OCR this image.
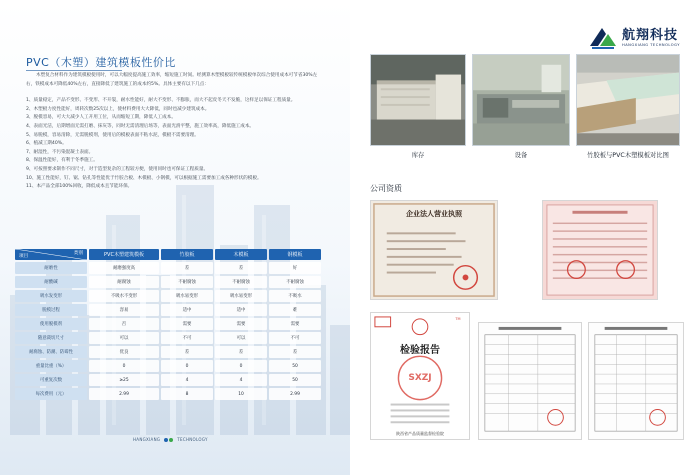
PVC（木塑）建筑模板性价比

木塑复合材料作为建筑模板使用时，可以大幅度提高施工效率，缩短施工时间。经测算木塑模板较传统模板单次综合使用成本可节省30%左右，铁模成本可降低40%左右，直接降低了建筑施工的成本约5%。具体主要有以下几点：

1、质量稳定，产品不变形、不变形、不开裂，耐水性能好，耐大不变形、不膨胀，而大不起皮冬天不发脆，这样足以保证工程质量。
2、木塑板力度性能好，周转次数25次以上，使材料费用大大降低，同时也减少建筑成本。
3、脱模容易，可大大减少人工开用工位，从而缩短工期，降低人工成本。
4、表面光洁，后期增面无需打磨、抹灰等，同时无需清理后场等，表面光滑平整，施工效率高，降低施工成本。
5、易脱模，容易清除，无需脱模剂，使用后的模板表面不粘水泥，模板不需要清理。
6、植减工期40%。
7、耐湿性，不污染混凝土表面。
8、保温性能好，有利于冬季施工。
9、可按照要求制作不同尺寸，对于造型复杂的工程较方便，使用同时也可保证工程质量。
10、施工性能好，钉、锯、钻孔等性能优于竹胶合板、木模板、小钢模，可以根据施工需要加工成各种形状的模板。
11、本产品全部100%回收，降低成本且节能环保。
类别
项目	PVC木塑建筑模板	竹胶板	木模板	钢模板
耐磨性	耐磨强度高	差	差	好
耐酸碱	耐腐蚀	不耐腐蚀	不耐腐蚀	不耐腐蚀
吸水发变形	不吸水不变形	吸水易变形	吸水易变形	不吸水
脱模过程	容易	适中	适中	难
使用脱模剂	否	需要	需要	需要
随意裁切尺寸	可以	不可	可以	不可
耐腐蚀、防潮、防霉性	优良	差	差	差
重量比重（%）	0	0	0	50
可重复次数	≥25	4	4	50
每次费用（元）	2.99	8	10	2.99
HANGXIANG	TECHNOLOGY
航翔科技
HANGXIANG TECHNOLOGY
库存	设备	竹胶板与PVC木塑模板对比图
公司资质
企业法人营业执照
TM
检验报告
SXZJ
陕西省产品质量监督检验院
